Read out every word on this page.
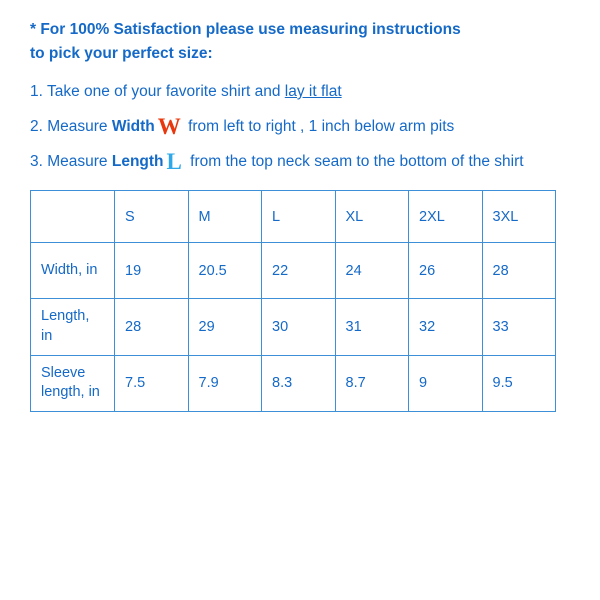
* For 100% Satisfaction please use measuring instructions
to pick your perfect size:

1. Take one of your favorite shirt and lay it flat
2. Measure Width W from left to right , 1 inch below arm pits
3. Measure Length L from the top neck seam to the bottom of the shirt
	S	M	L	XL	2XL	3XL
Width, in	19	20.5	22	24	26	28
Length, in	28	29	30	31	32	33
Sleeve length, in	7.5	7.9	8.3	8.7	9	9.5
